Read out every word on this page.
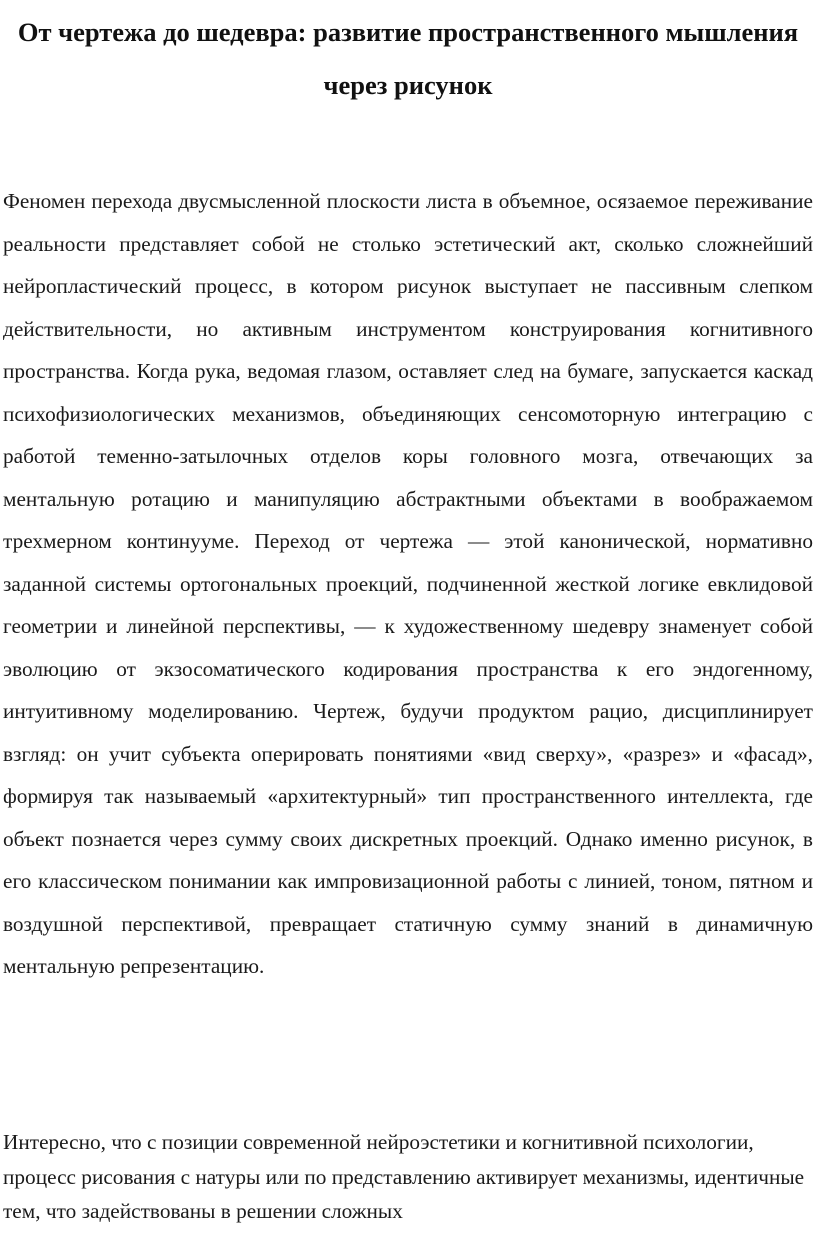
От чертежа до шедевра: развитие пространственного мышления через рисунок

Феномен перехода двусмысленной плоскости листа в объемное, осязаемое переживание реальности представляет собой не столько эстетический акт, сколько сложнейший нейропластический процесс, в котором рисунок выступает не пассивным слепком действительности, но активным инструментом конструирования когнитивного пространства. Когда рука, ведомая глазом, оставляет след на бумаге, запускается каскад психофизиологических механизмов, объединяющих сенсомоторную интеграцию с работой теменно-затылочных отделов коры головного мозга, отвечающих за ментальную ротацию и манипуляцию абстрактными объектами в воображаемом трехмерном континууме. Переход от чертежа — этой канонической, нормативно заданной системы ортогональных проекций, подчиненной жесткой логике евклидовой геометрии и линейной перспективы, — к художественному шедевру знаменует собой эволюцию от экзосоматического кодирования пространства к его эндогенному, интуитивному моделированию. Чертеж, будучи продуктом рацио, дисциплинирует взгляд: он учит субъекта оперировать понятиями «вид сверху», «разрез» и «фасад», формируя так называемый «архитектурный» тип пространственного интеллекта, где объект познается через сумму своих дискретных проекций. Однако именно рисунок, в его классическом понимании как импровизационной работы с линией, тоном, пятном и воздушной перспективой, превращает статичную сумму знаний в динамичную ментальную репрезентацию.

Интересно, что с позиции современной нейроэстетики и когнитивной психологии, процесс рисования с натуры или по представлению активирует механизмы, идентичные тем, что задействованы в решении сложных
